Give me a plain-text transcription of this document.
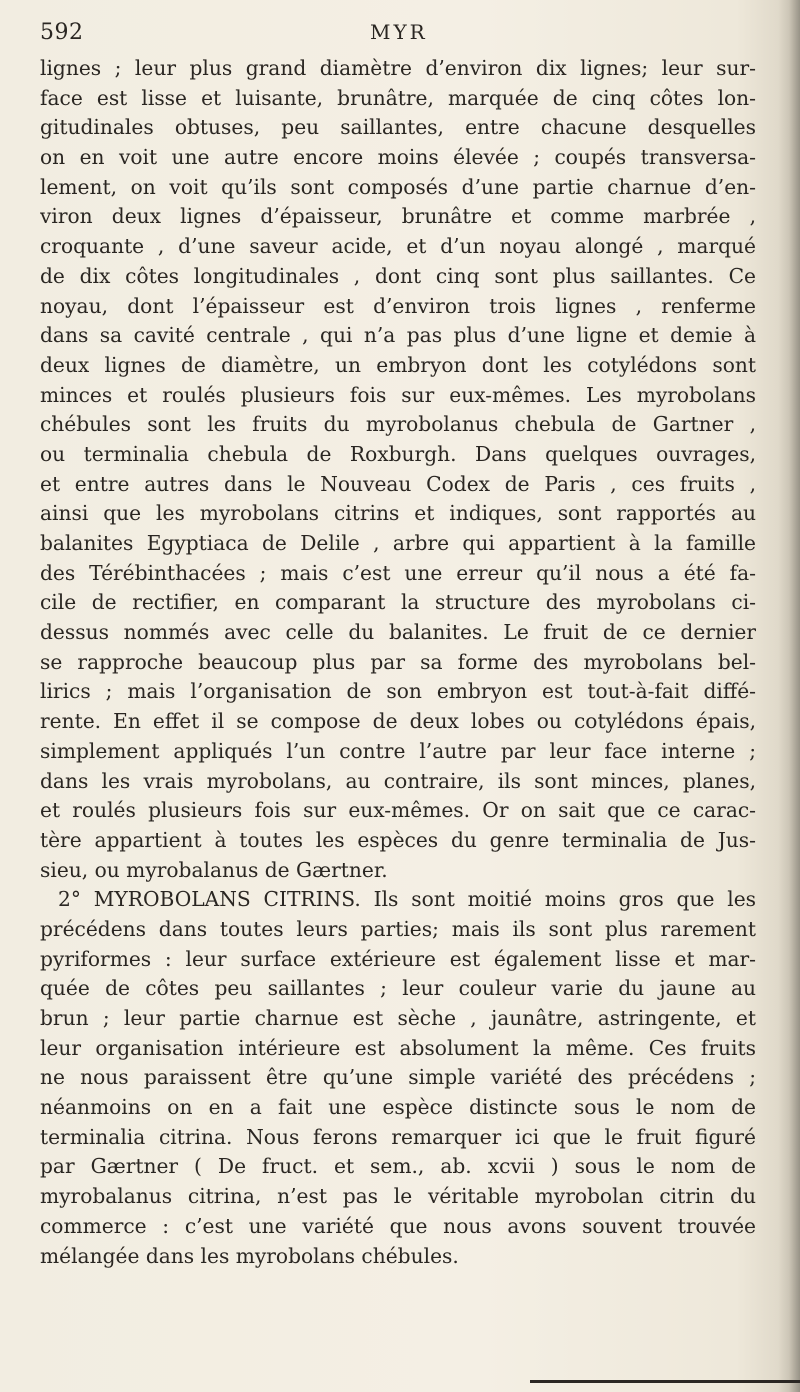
592	MYR
lignes ; leur plus grand diamètre d’environ dix lignes; leur sur-
face est lisse et luisante, brunâtre, marquée de cinq côtes lon-
gitudinales obtuses, peu saillantes, entre chacune desquelles
on en voit une autre encore moins élevée ; coupés transversa-
lement, on voit qu’ils sont composés d’une partie charnue d’en-
viron deux lignes d’épaisseur, brunâtre et comme marbrée ,
croquante , d’une saveur acide, et d’un noyau alongé , marqué
de dix côtes longitudinales , dont cinq sont plus saillantes. Ce
noyau, dont l’épaisseur est d’environ trois lignes , renferme
dans sa cavité centrale , qui n’a pas plus d’une ligne et demie à
deux lignes de diamètre, un embryon dont les cotylédons sont
minces et roulés plusieurs fois sur eux-mêmes. Les myrobolans
chébules sont les fruits du myrobolanus chebula de Gartner ,
ou terminalia chebula de Roxburgh. Dans quelques ouvrages,
et entre autres dans le Nouveau Codex de Paris , ces fruits ,
ainsi que les myrobolans citrins et indiques, sont rapportés au
balanites Egyptiaca de Delile , arbre qui appartient à la famille
des Térébinthacées ; mais c’est une erreur qu’il nous a été fa-
cile de rectifier, en comparant la structure des myrobolans ci-
dessus nommés avec celle du balanites. Le fruit de ce dernier
se rapproche beaucoup plus par sa forme des myrobolans bel-
lirics ; mais l’organisation de son embryon est tout-à-fait diffé-
rente. En effet il se compose de deux lobes ou cotylédons épais,
simplement appliqués l’un contre l’autre par leur face interne ;
dans les vrais myrobolans, au contraire, ils sont minces, planes,
et roulés plusieurs fois sur eux-mêmes. Or on sait que ce carac-
tère appartient à toutes les espèces du genre terminalia de Jus-
sieu, ou myrobalanus de Gærtner.
2° MYROBOLANS CITRINS. Ils sont moitié moins gros que les
précédens dans toutes leurs parties; mais ils sont plus rarement
pyriformes : leur surface extérieure est également lisse et mar-
quée de côtes peu saillantes ; leur couleur varie du jaune au
brun ; leur partie charnue est sèche , jaunâtre, astringente, et
leur organisation intérieure est absolument la même. Ces fruits
ne nous paraissent être qu’une simple variété des précédens ;
néanmoins on en a fait une espèce distincte sous le nom de
terminalia citrina. Nous ferons remarquer ici que le fruit figuré
par Gærtner ( De fruct. et sem., ab. xcvii ) sous le nom de
myrobalanus citrina, n’est pas le véritable myrobolan citrin du
commerce : c’est une variété que nous avons souvent trouvée
mélangée dans les myrobolans chébules.
